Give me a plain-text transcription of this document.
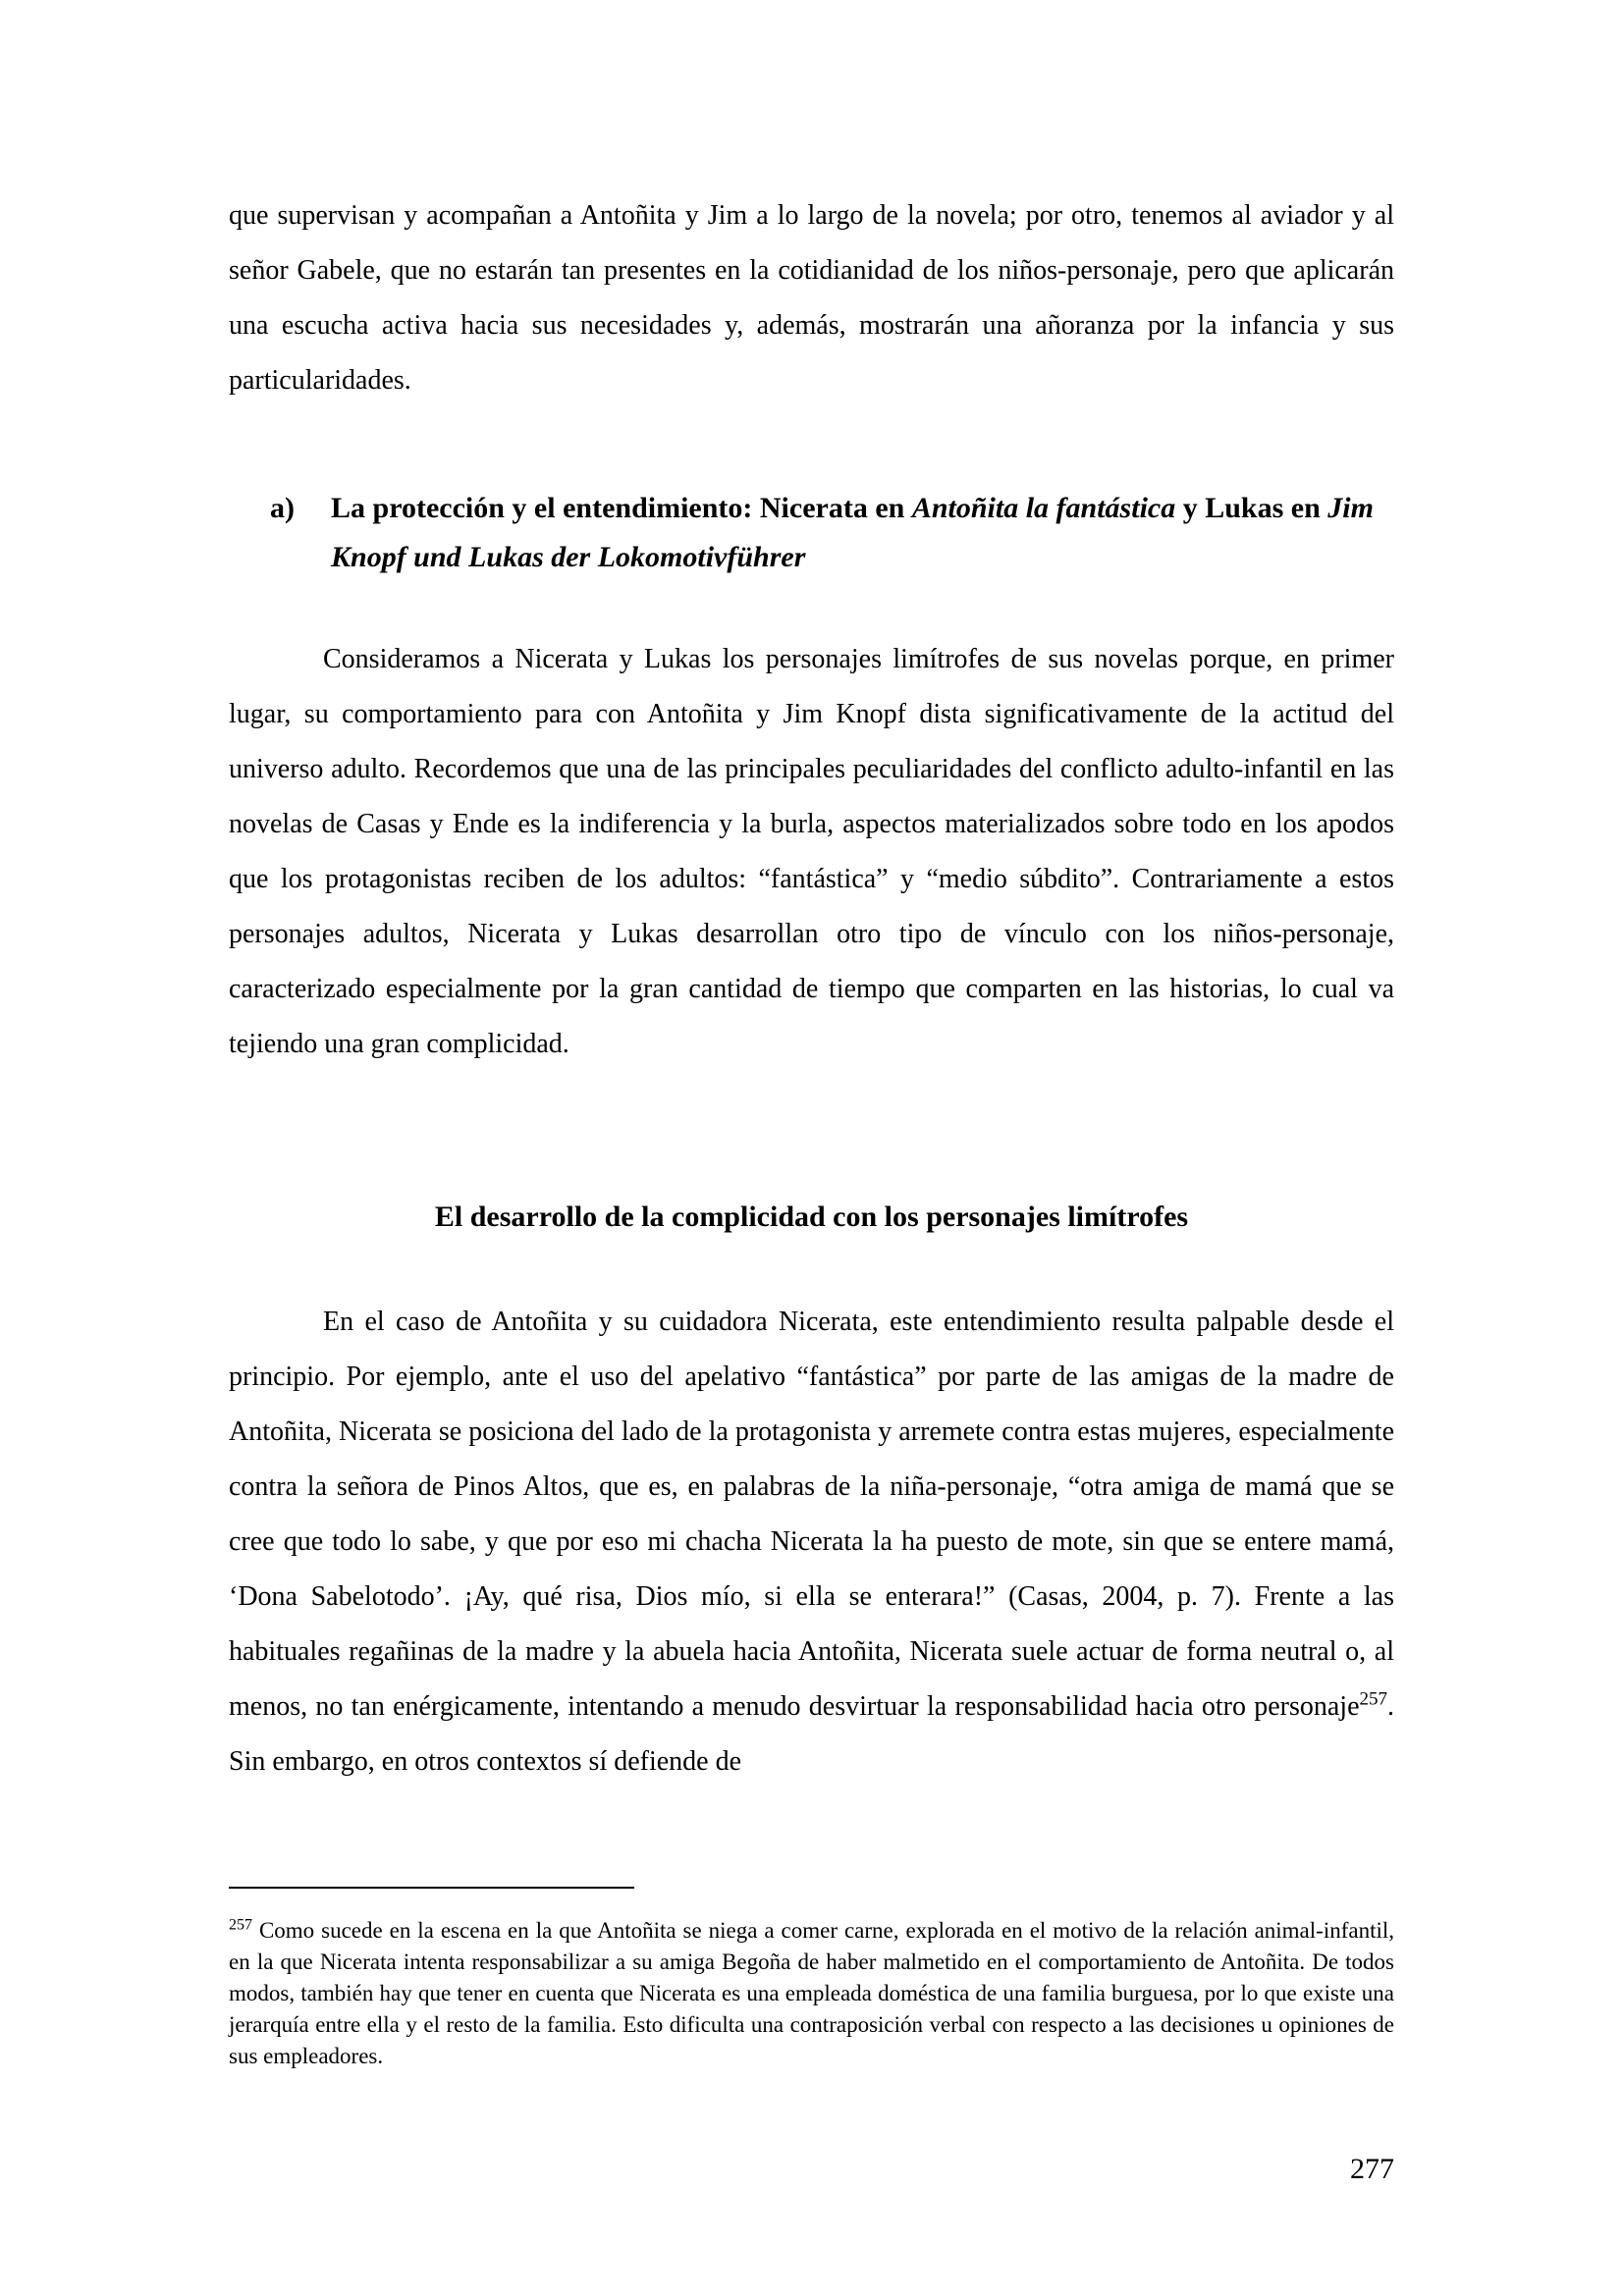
que supervisan y acompañan a Antoñita y Jim a lo largo de la novela; por otro, tenemos al aviador y al señor Gabele, que no estarán tan presentes en la cotidianidad de los niños-personaje, pero que aplicarán una escucha activa hacia sus necesidades y, además, mostrarán una añoranza por la infancia y sus particularidades.

a) La protección y el entendimiento: Nicerata en Antoñita la fantástica y Lukas en Jim Knopf und Lukas der Lokomotivführer

Consideramos a Nicerata y Lukas los personajes limítrofes de sus novelas porque, en primer lugar, su comportamiento para con Antoñita y Jim Knopf dista significativamente de la actitud del universo adulto. Recordemos que una de las principales peculiaridades del conflicto adulto-infantil en las novelas de Casas y Ende es la indiferencia y la burla, aspectos materializados sobre todo en los apodos que los protagonistas reciben de los adultos: “fantástica” y “medio súbdito”. Contrariamente a estos personajes adultos, Nicerata y Lukas desarrollan otro tipo de vínculo con los niños-personaje, caracterizado especialmente por la gran cantidad de tiempo que comparten en las historias, lo cual va tejiendo una gran complicidad.

El desarrollo de la complicidad con los personajes limítrofes

En el caso de Antoñita y su cuidadora Nicerata, este entendimiento resulta palpable desde el principio. Por ejemplo, ante el uso del apelativo “fantástica” por parte de las amigas de la madre de Antoñita, Nicerata se posiciona del lado de la protagonista y arremete contra estas mujeres, especialmente contra la señora de Pinos Altos, que es, en palabras de la niña-personaje, “otra amiga de mamá que se cree que todo lo sabe, y que por eso mi chacha Nicerata la ha puesto de mote, sin que se entere mamá, ‘Dona Sabelotodo’. ¡Ay, qué risa, Dios mío, si ella se enterara!” (Casas, 2004, p. 7). Frente a las habituales regañinas de la madre y la abuela hacia Antoñita, Nicerata suele actuar de forma neutral o, al menos, no tan enérgicamente, intentando a menudo desvirtuar la responsabilidad hacia otro personaje$^{257}$. Sin embargo, en otros contextos sí defiende de

$^{257}$ Como sucede en la escena en la que Antoñita se niega a comer carne, explorada en el motivo de la relación animal-infantil, en la que Nicerata intenta responsabilizar a su amiga Begoña de haber malmetido en el comportamiento de Antoñita. De todos modos, también hay que tener en cuenta que Nicerata es una empleada doméstica de una familia burguesa, por lo que existe una jerarquía entre ella y el resto de la familia. Esto dificulta una contraposición verbal con respecto a las decisiones u opiniones de sus empleadores.

277
